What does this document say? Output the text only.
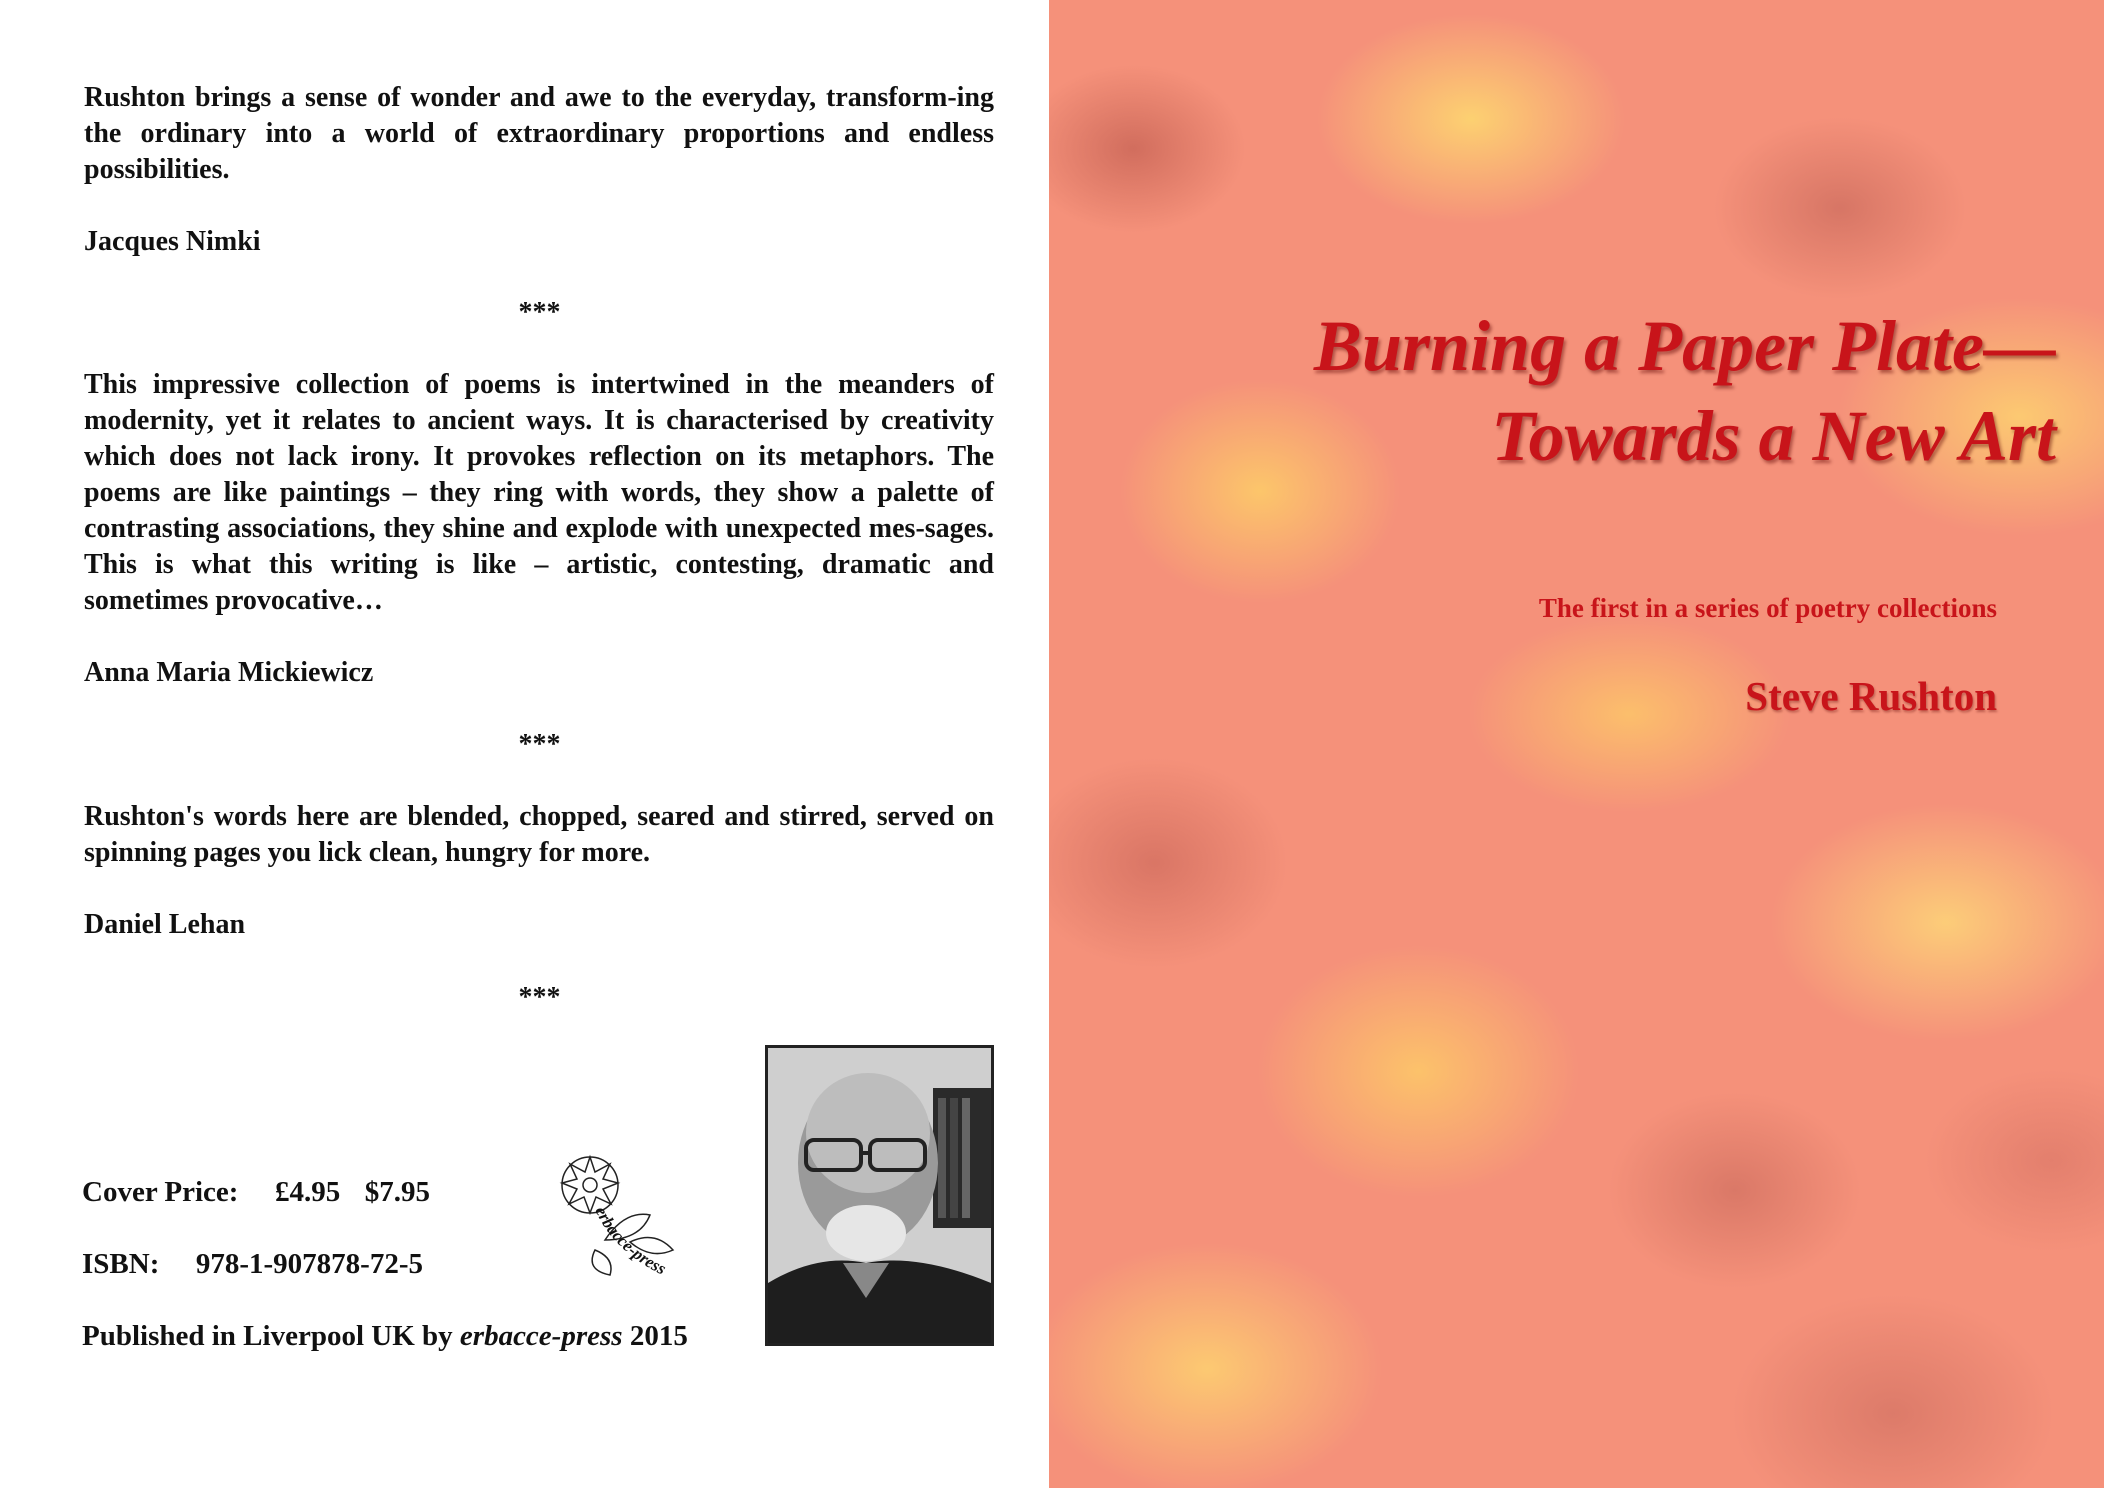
Rushton brings a sense of wonder and awe to the everyday, transform-ing the ordinary into a world of extraordinary proportions and endless possibilities.
Jacques Nimki
***
This impressive collection of poems is intertwined in the meanders of modernity, yet it relates to ancient ways. It is characterised by creativity which does not lack irony. It provokes reflection on its metaphors. The poems are like paintings – they ring with words, they show a palette of contrasting associations, they shine and explode with unexpected mes-sages. This is what this writing is like – artistic, contesting, dramatic and sometimes provocative…
Anna Maria Mickiewicz
***
Rushton's words here are blended, chopped, seared and stirred, served on spinning pages you lick clean, hungry for more.
Daniel Lehan
***
Cover Price: £4.95 $7.95
ISBN: 978-1-907878-72-5
Published in Liverpool UK by erbacce-press 2015
erbacce-press
Burning a Paper Plate—
Towards a New Art
The first in a series of poetry collections
Steve Rushton
